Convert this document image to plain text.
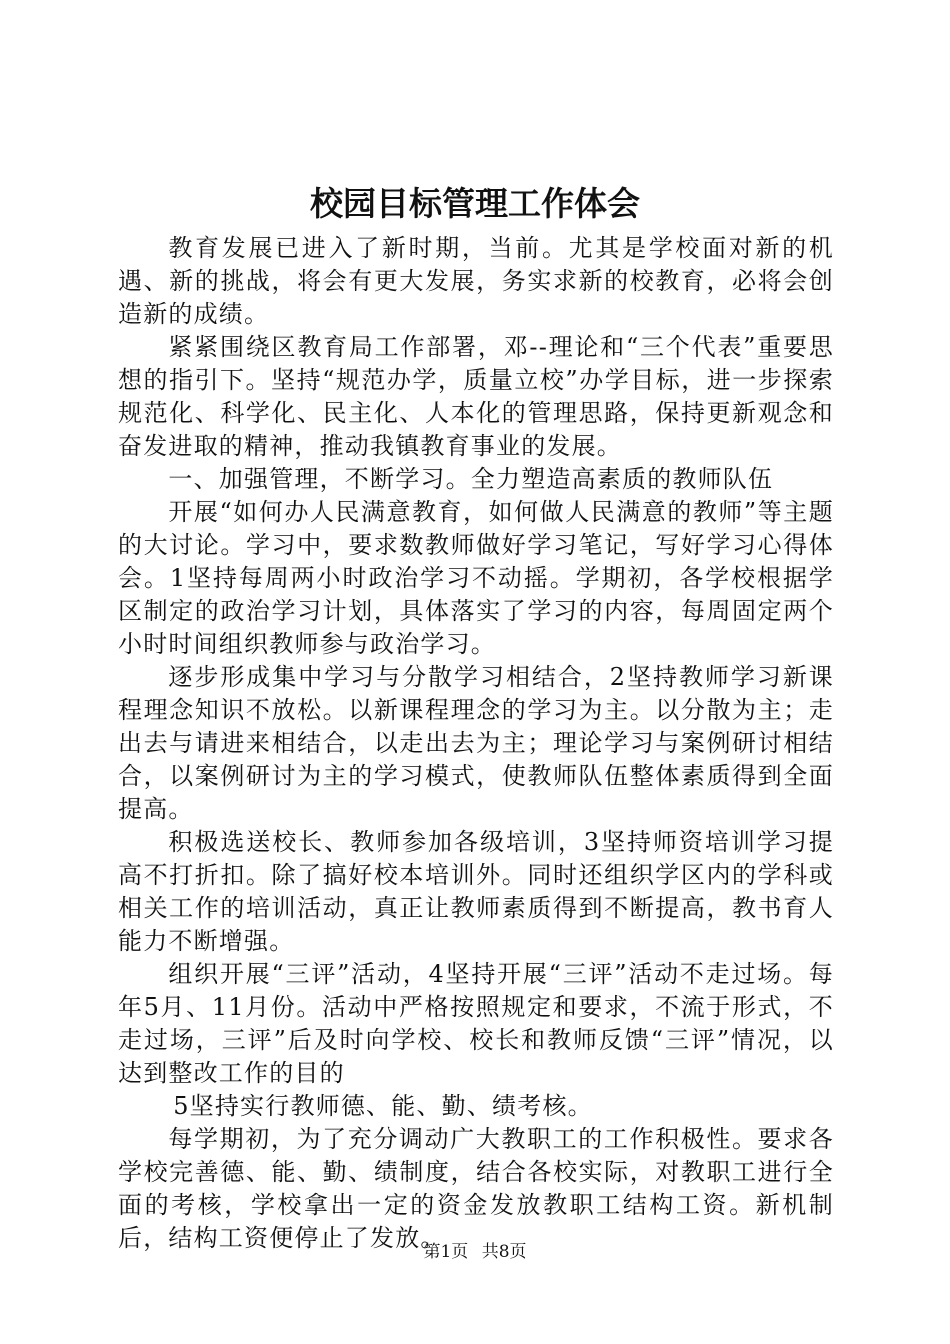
校园目标管理工作体会

教育发展已进入了新时期，当前。尤其是学校面对新的机遇、新的挑战，将会有更大发展，务实求新的校教育，必将会创造新的成绩。

紧紧围绕区教育局工作部署，邓--理论和“三个代表”重要思想的指引下。坚持“规范办学，质量立校”办学目标，进一步探索规范化、科学化、民主化、人本化的管理思路，保持更新观念和奋发进取的精神，推动我镇教育事业的发展。

一、加强管理，不断学习。全力塑造高素质的教师队伍

开展“如何办人民满意教育，如何做人民满意的教师”等主题的大讨论。学习中，要求数教师做好学习笔记，写好学习心得体会。1坚持每周两小时政治学习不动摇。学期初，各学校根据学区制定的政治学习计划，具体落实了学习的内容，每周固定两个小时时间组织教师参与政治学习。

逐步形成集中学习与分散学习相结合，2坚持教师学习新课程理念知识不放松。以新课程理念的学习为主。以分散为主；走出去与请进来相结合，以走出去为主；理论学习与案例研讨相结合，以案例研讨为主的学习模式，使教师队伍整体素质得到全面提高。

积极选送校长、教师参加各级培训，3坚持师资培训学习提高不打折扣。除了搞好校本培训外。同时还组织学区内的学科或相关工作的培训活动，真正让教师素质得到不断提高，教书育人能力不断增强。

组织开展“三评”活动，4坚持开展“三评”活动不走过场。每年5月、11月份。活动中严格按照规定和要求，不流于形式，不走过场，三评”后及时向学校、校长和教师反馈“三评”情况，以达到整改工作的目的

5坚持实行教师德、能、勤、绩考核。

每学期初，为了充分调动广大教职工的工作积极性。要求各学校完善德、能、勤、绩制度，结合各校实际，对教职工进行全面的考核，学校拿出一定的资金发放教职工结构工资。新机制后，结构工资便停止了发放。

第1页 共8页
